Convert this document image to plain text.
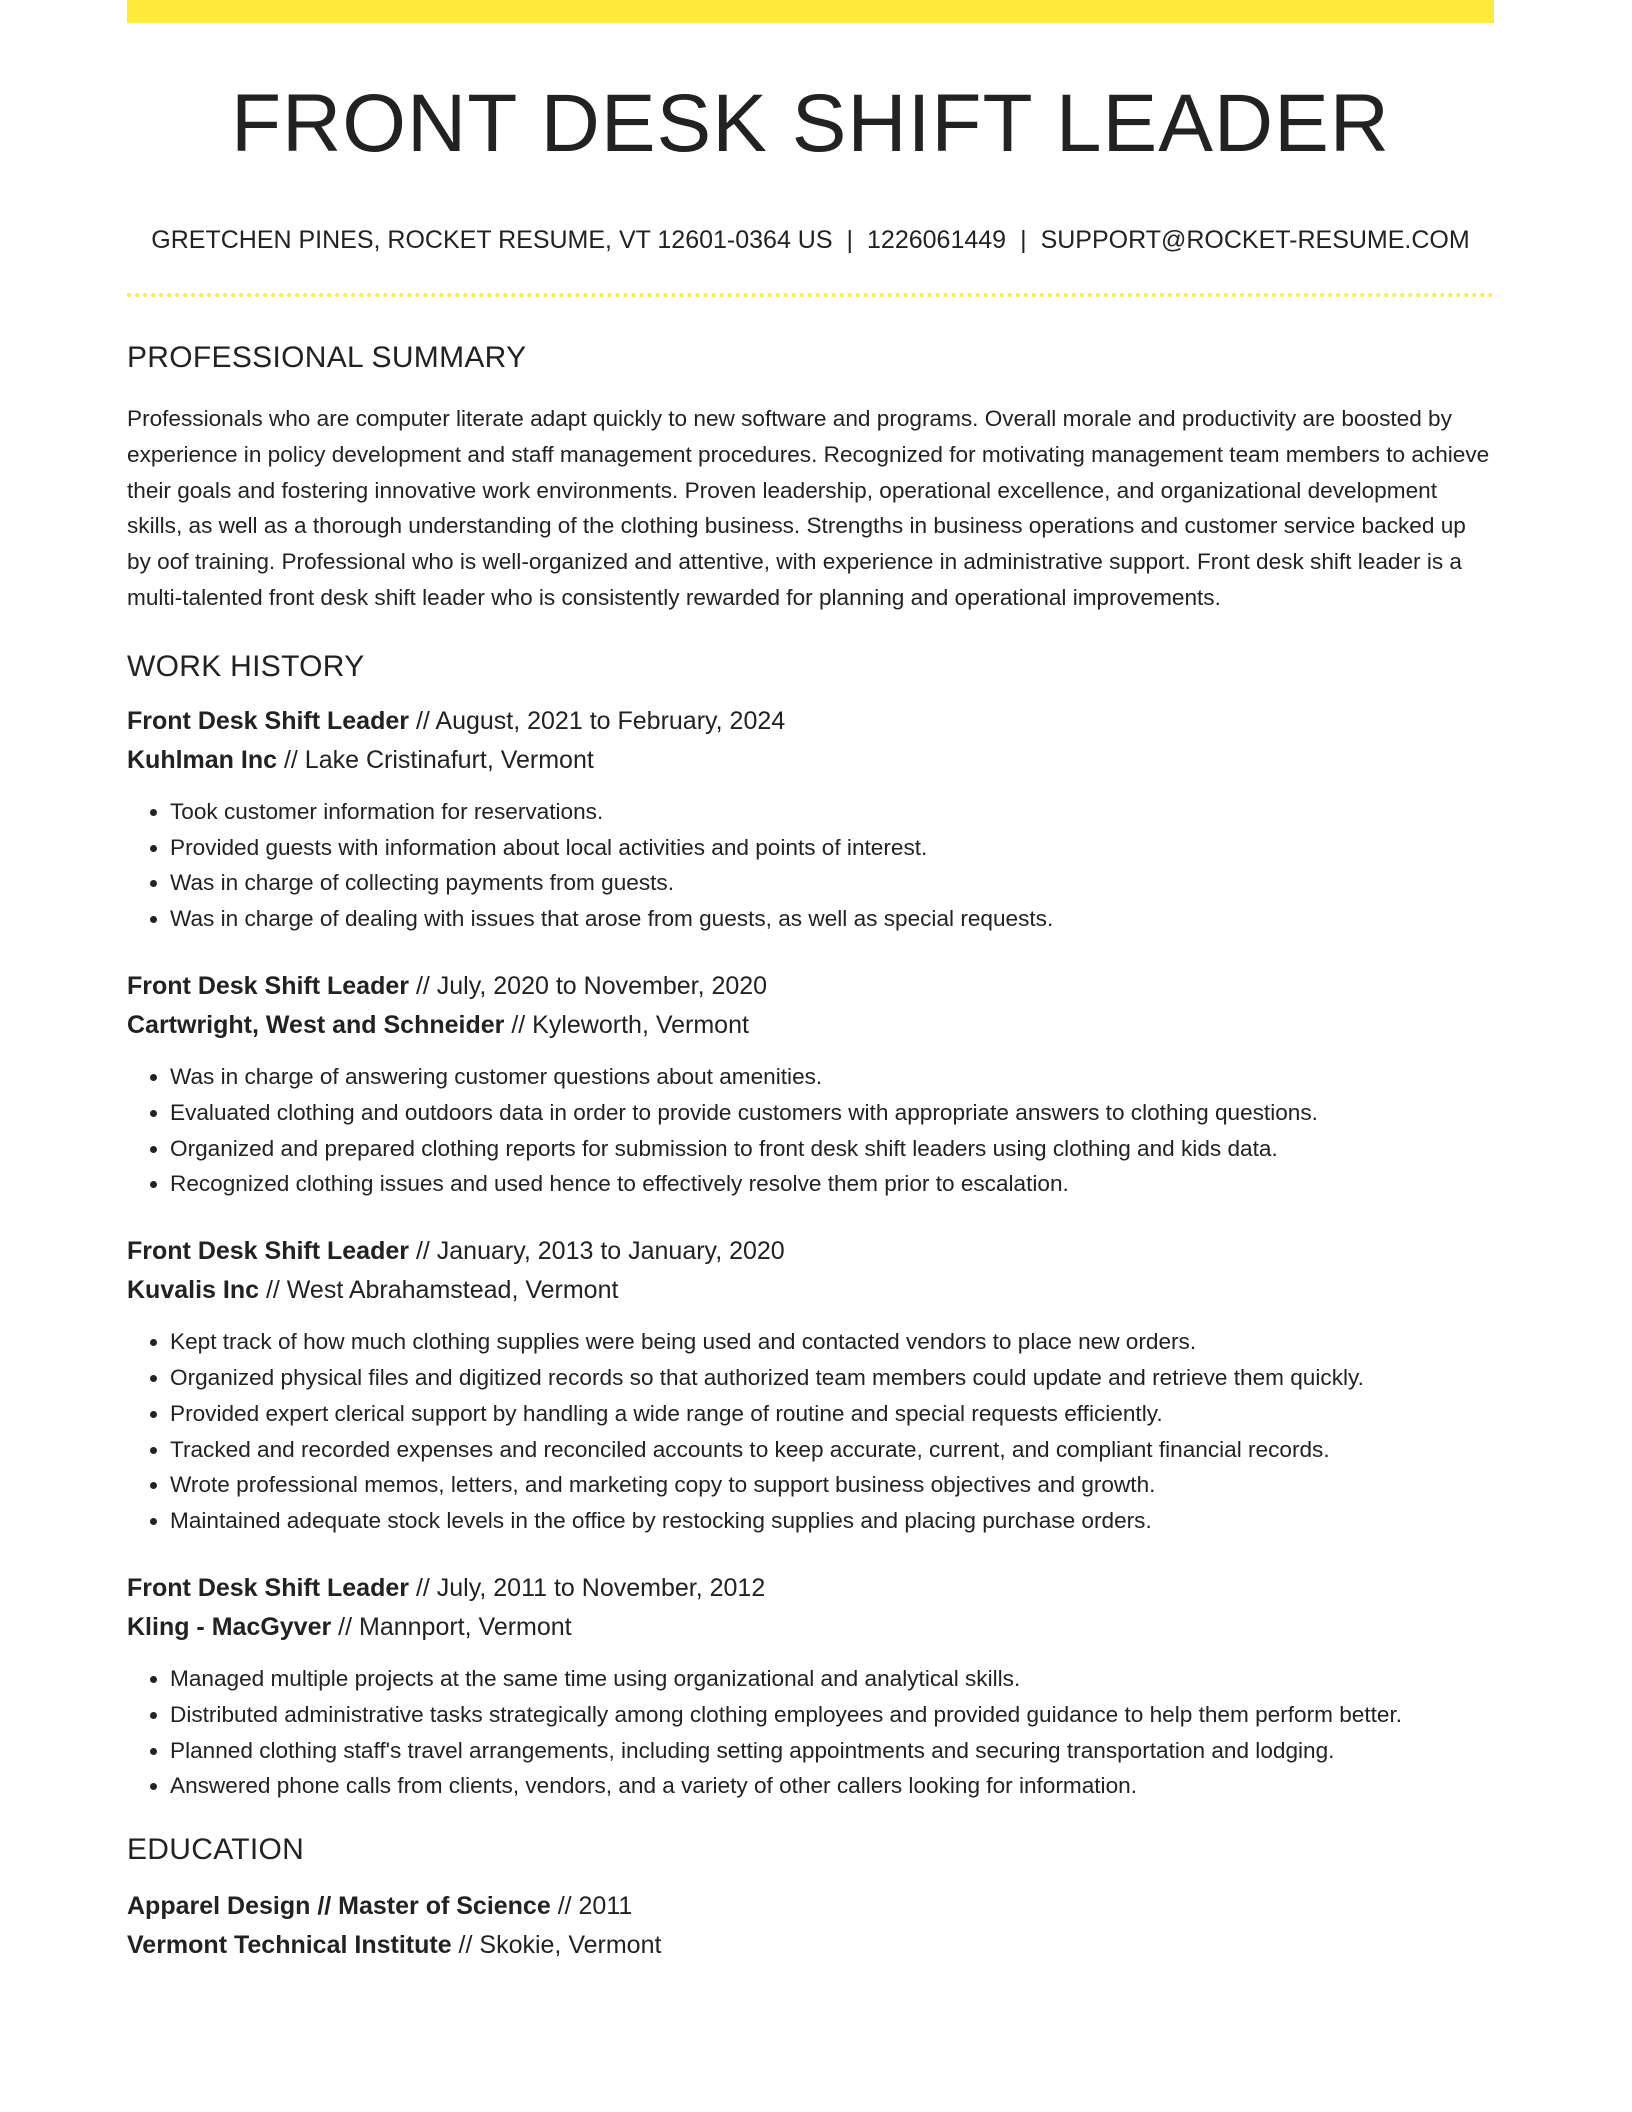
FRONT DESK SHIFT LEADER
GRETCHEN PINES, ROCKET RESUME, VT 12601-0364 US | 1226061449 | SUPPORT@ROCKET-RESUME.COM
PROFESSIONAL SUMMARY

Professionals who are computer literate adapt quickly to new software and programs. Overall morale and productivity are boosted by experience in policy development and staff management procedures. Recognized for motivating management team members to achieve their goals and fostering innovative work environments. Proven leadership, operational excellence, and organizational development skills, as well as a thorough understanding of the clothing business. Strengths in business operations and customer service backed up by oof training. Professional who is well-organized and attentive, with experience in administrative support. Front desk shift leader is a multi-talented front desk shift leader who is consistently rewarded for planning and operational improvements.

WORK HISTORY
Front Desk Shift Leader // August, 2021 to February, 2024
Kuhlman Inc // Lake Cristinafurt, Vermont
• Took customer information for reservations.
• Provided guests with information about local activities and points of interest.
• Was in charge of collecting payments from guests.
• Was in charge of dealing with issues that arose from guests, as well as special requests.
Front Desk Shift Leader // July, 2020 to November, 2020
Cartwright, West and Schneider // Kyleworth, Vermont
• Was in charge of answering customer questions about amenities.
• Evaluated clothing and outdoors data in order to provide customers with appropriate answers to clothing questions.
• Organized and prepared clothing reports for submission to front desk shift leaders using clothing and kids data.
• Recognized clothing issues and used hence to effectively resolve them prior to escalation.
Front Desk Shift Leader // January, 2013 to January, 2020
Kuvalis Inc // West Abrahamstead, Vermont
• Kept track of how much clothing supplies were being used and contacted vendors to place new orders.
• Organized physical files and digitized records so that authorized team members could update and retrieve them quickly.
• Provided expert clerical support by handling a wide range of routine and special requests efficiently.
• Tracked and recorded expenses and reconciled accounts to keep accurate, current, and compliant financial records.
• Wrote professional memos, letters, and marketing copy to support business objectives and growth.
• Maintained adequate stock levels in the office by restocking supplies and placing purchase orders.
Front Desk Shift Leader // July, 2011 to November, 2012
Kling - MacGyver // Mannport, Vermont
• Managed multiple projects at the same time using organizational and analytical skills.
• Distributed administrative tasks strategically among clothing employees and provided guidance to help them perform better.
• Planned clothing staff's travel arrangements, including setting appointments and securing transportation and lodging.
• Answered phone calls from clients, vendors, and a variety of other callers looking for information.
EDUCATION
Apparel Design // Master of Science // 2011
Vermont Technical Institute // Skokie, Vermont
